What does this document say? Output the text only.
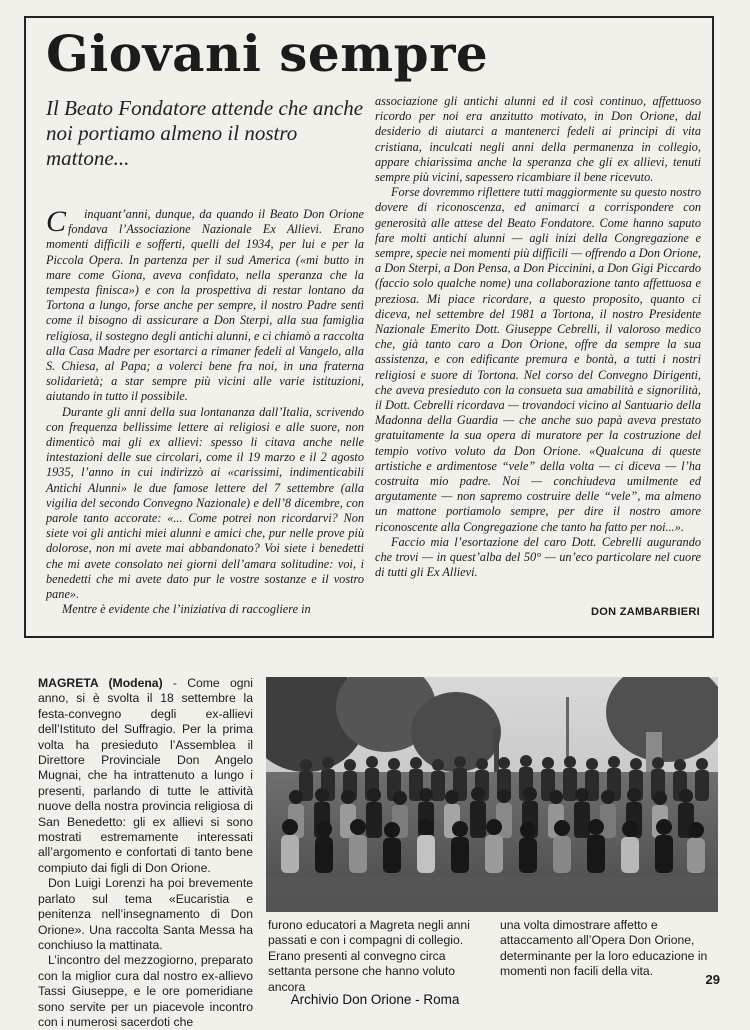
Giovani sempre
Il Beato Fondatore attende che anche noi portiamo almeno il nostro mattone...

C inquant’anni, dunque, da quando il Beato Don Orione fondava l’Associazione Nazionale Ex Allievi. Erano momenti difficili e sofferti, quelli del 1934, per lui e per la Piccola Opera. In partenza per il sud America («mi butto in mare come Giona, aveva confidato, nella speranza che la tempesta finisca») e con la prospettiva di restar lontano da Tortona a lungo, forse anche per sempre, il nostro Padre sentì come il bisogno di assicurare a Don Sterpi, alla sua famiglia religiosa, il sostegno degli antichi alunni, e ci chiamò a raccolta alla Casa Madre per esortarci a rimaner fedeli al Vangelo, alla S. Chiesa, al Papa; a volerci bene fra noi, in una fraterna solidarietà; a star sempre più vicini alle varie istituzioni, aiutando in tutto il possibile.

Durante gli anni della sua lontananza dall’Italia, scrivendo con frequenza bellissime lettere ai religiosi e alle suore, non dimenticò mai gli ex allievi: spesso li citava anche nelle intestazioni delle sue circolari, come il 19 marzo e il 2 agosto 1935, l’anno in cui indirizzò ai «carissimi, indimenticabili Antichi Alunni» le due famose lettere del 7 settembre (alla vigilia del secondo Convegno Nazionale) e dell’8 dicembre, con parole tanto accorate: «... Come potrei non ricordarvi? Non siete voi gli antichi miei alunni e amici che, pur nelle prove più dolorose, non mi avete mai abbandonato? Voi siete i benedetti che mi avete consolato nei giorni dell’amara solitudine: voi, i benedetti che mi avete dato pur le vostre sostanze e il vostro pane».

Mentre è evidente che l’iniziativa di raccogliere in

associazione gli antichi alunni ed il così continuo, affettuoso ricordo per noi era anzitutto motivato, in Don Orione, dal desiderio di aiutarci a mantenerci fedeli ai principi di vita cristiana, inculcati negli anni della permanenza in collegio, appare chiarissima anche la speranza che gli ex allievi, tenuti sempre più vicini, sapessero ricambiare il bene ricevuto.

Forse dovremmo riflettere tutti maggiormente su questo nostro dovere di riconoscenza, ed animarci a corrispondere con generosità alle attese del Beato Fondatore. Come hanno saputo fare molti antichi alunni — agli inizi della Congregazione e sempre, specie nei momenti più difficili — offrendo a Don Orione, a Don Sterpi, a Don Pensa, a Don Piccinini, a Don Gigi Piccardo (faccio solo qualche nome) una collaborazione tanto affettuosa e preziosa. Mi piace ricordare, a questo proposito, quanto ci diceva, nel settembre del 1981 a Tortona, il nostro Presidente Nazionale Emerito Dott. Giuseppe Cebrelli, il valoroso medico che, già tanto caro a Don Orione, offre da sempre la sua assistenza, e con edificante premura e bontà, a tutti i nostri religiosi e suore di Tortona. Nel corso del Convegno Dirigenti, che aveva presieduto con la consueta sua amabilità e signorilità, il Dott. Cebrelli ricordava — trovandoci vicino al Santuario della Madonna della Guardia — che anche suo papà aveva prestato gratuitamente la sua opera di muratore per la costruzione del tempio votivo voluto da Don Orione. «Qualcuna di queste artistiche e ardimentose “vele” della volta — ci diceva — l’ha costruita mio padre. Noi — conchiudeva umilmente ed argutamente — non sapremo costruire delle “vele”, ma almeno un mattone portiamolo sempre, per dire il nostro amore riconoscente alla Congregazione che tanto ha fatto per noi...».

Faccio mia l’esortazione del caro Dott. Cebrelli augurando che trovi — in quest’alba del 50° — un’eco particolare nel cuore di tutti gli Ex Allievi.

DON ZAMBARBIERI

MAGRETA (Modena) - Come ogni anno, si è svolta il 18 settembre la festa-convegno degli ex-allievi dell’Istituto del Suffragio. Per la prima volta ha presieduto l’Assemblea il Direttore Provinciale Don Angelo Mugnai, che ha intrattenuto a lungo i presenti, parlando di tutte le attività nuove della nostra provincia religiosa di San Benedetto: gli ex allievi si sono mostrati estremamente interessati all’argomento e confortati di tanto bene compiuto dai figli di Don Orione.

Don Luigi Lorenzi ha poi brevemente parlato sul tema «Eucaristia e penitenza nell’insegnamento di Don Orione». Una raccolta Santa Messa ha conchiuso la mattinata.

L’incontro del mezzogiorno, preparato con la miglior cura dal nostro ex-allievo Tassi Giuseppe, e le ore pomeridiane sono servite per un piacevole incontro con i numerosi sacerdoti che

furono educatori a Magreta negli anni passati e con i compagni di collegio. Erano presenti al convegno circa settanta persone che hanno voluto ancora
una volta dimostrare affetto e attaccamento all’Opera Don Orione, determinante per la loro educazione in momenti non facili della vita.
29
Archivio Don Orione - Roma
